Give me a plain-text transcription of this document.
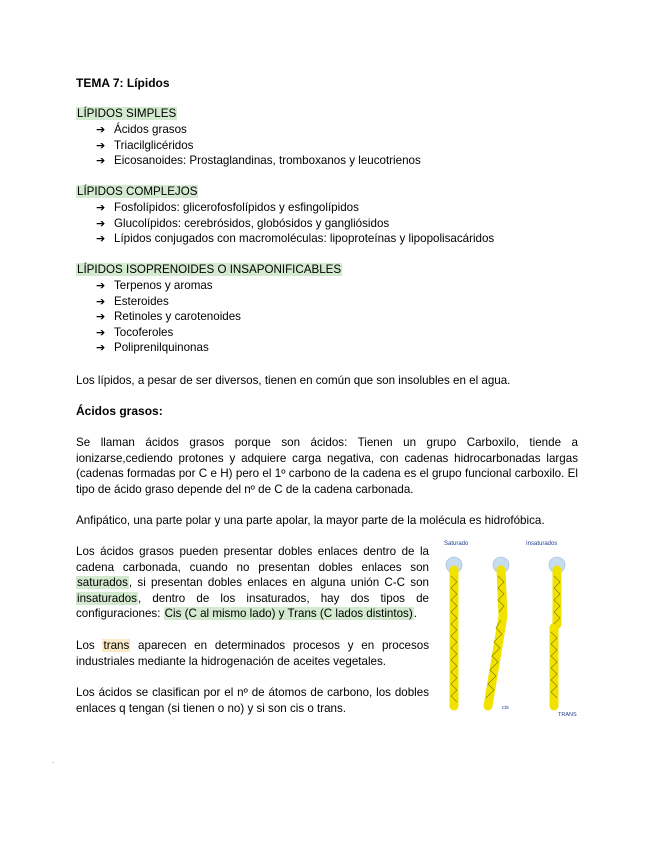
TEMA 7: Lípidos
LÍPIDOS SIMPLES
➔ Ácidos grasos
➔ Triacilglicéridos
➔ Eicosanoides: Prostaglandinas, tromboxanos y leucotrienos
LÍPIDOS COMPLEJOS
➔ Fosfolípidos: glicerofosfolípidos y esfingolípidos
➔ Glucolípidos: cerebrósidos, globósidos y gangliósidos
➔ Lípidos conjugados con macromoléculas: lipoproteínas y lipopolisacáridos
LÍPIDOS ISOPRENOIDES O INSAPONIFICABLES
➔ Terpenos y aromas
➔ Esteroides
➔ Retinoles y carotenoides
➔ Tocoferoles
➔ Poliprenilquinonas
Los lípidos, a pesar de ser diversos, tienen en común que son insolubles en el agua.
Ácidos grasos:
Se llaman ácidos grasos porque son ácidos: Tienen un grupo Carboxilo, tiende a ionizarse,cediendo protones y adquiere carga negativa, con cadenas hidrocarbonadas largas (cadenas formadas por C e H) pero el 1º carbono de la cadena es el grupo funcional carboxilo. El tipo de ácido graso depende del nº de C de la cadena carbonada.
Anfipático, una parte polar y una parte apolar, la mayor parte de la molécula es hidrofóbica.
Los ácidos grasos pueden presentar dobles enlaces dentro de la cadena carbonada, cuando no presentan dobles enlaces son saturados, si presentan dobles enlaces en alguna unión C-C son insaturados, dentro de los insaturados, hay dos tipos de configuraciones: Cis (C al mismo lado) y Trans (C lados distintos).
Los trans aparecen en determinados procesos y en procesos industriales mediante la hidrogenación de aceites vegetales.
Los ácidos se clasifican por el nº de átomos de carbono, los dobles enlaces q tengan (si tienen o no) y si son cis o trans.
Saturado	Insaturados
cis
TRANS
.
